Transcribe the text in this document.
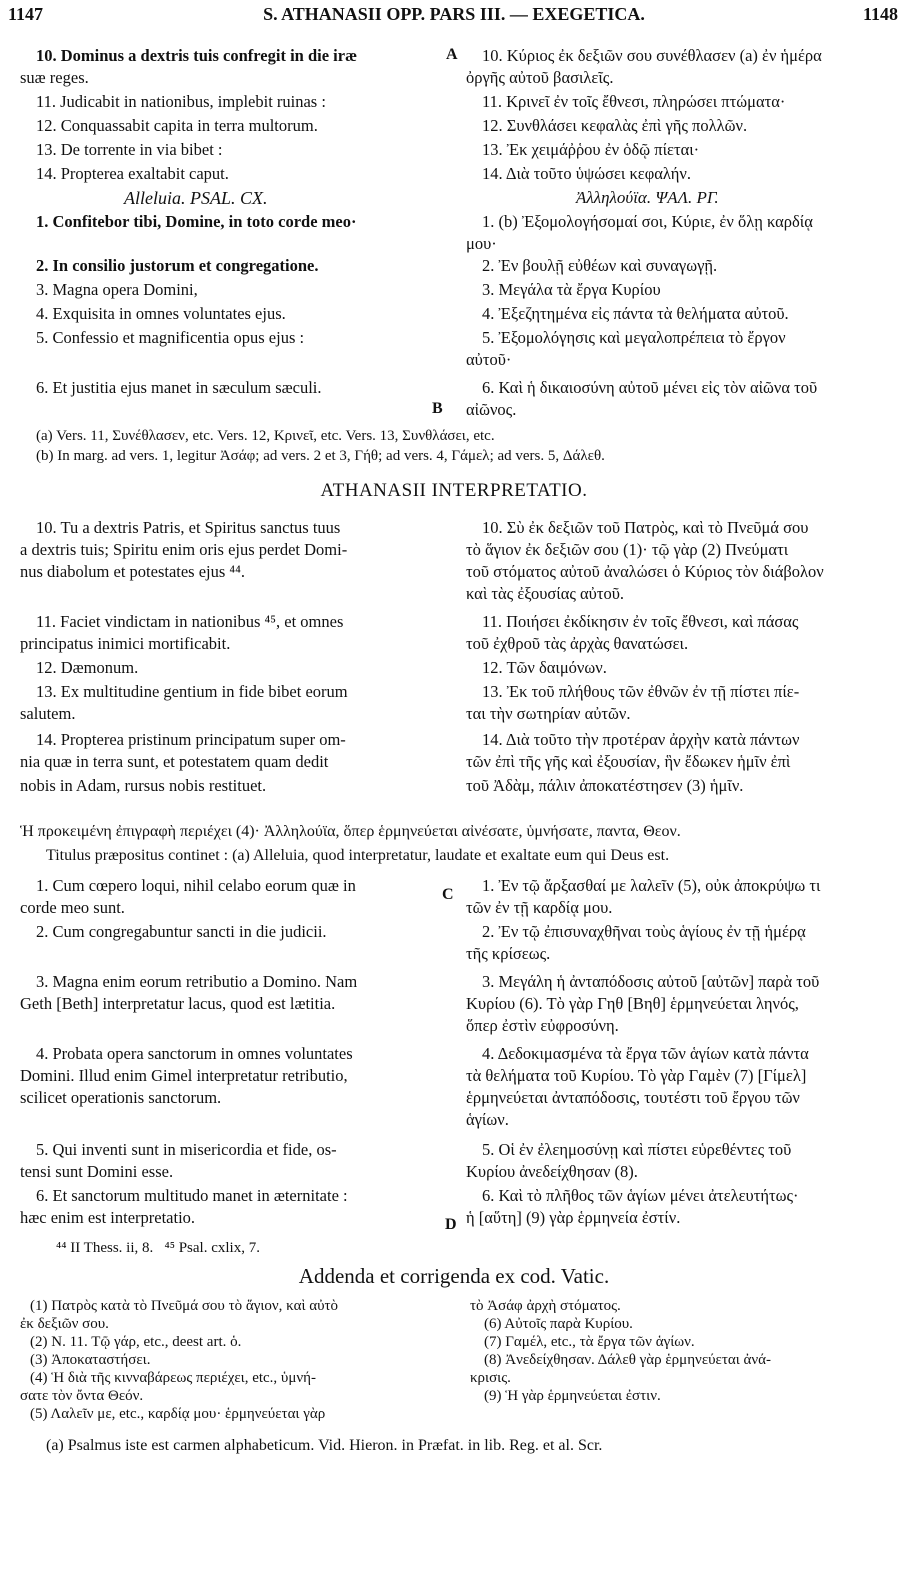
1147	S. ATHANASII OPP. PARS III. — EXEGETICA.	1148
10. Dominus a dextris tuis confregit in die iræ
suæ reges.
11. Judicabit in nationibus, implebit ruinas :
12. Conquassabit capita in terra multorum.
13. De torrente in via bibet :
14. Propterea exaltabit caput.
Alleluia. PSAL. CX.
1. Confitebor tibi, Domine, in toto corde meo·
2. In consilio justorum et congregatione.
3. Magna opera Domini,
4. Exquisita in omnes voluntates ejus.
5. Confessio et magnificentia opus ejus :
6. Et justitia ejus manet in sæculum sæculi.
A
B
C
D
10. Κύριος ἐκ δεξιῶν σου συνέθλασεν (a) ἐν ἡμέρα
ὀργῆς αὐτοῦ βασιλεῖς.
11. Κρινεῖ ἐν τοῖς ἔθνεσι, πληρώσει πτώματα·
12. Συνθλάσει κεφαλὰς ἐπὶ γῆς πολλῶν.
13. Ἐκ χειμάῤῥου ἐν ὁδῷ πίεται·
14. Διὰ τοῦτο ὑψώσει κεφαλήν.
Ἀλληλούϊα. ΨΑΛ. ΡΓ.
1. (b) Ἐξομολογήσομαί σοι, Κύριε, ἐν ὅλῃ καρδίᾳ
μου·
2. Ἐν βουλῇ εὐθέων καὶ συναγωγῇ.
3. Μεγάλα τὰ ἔργα Κυρίου
4. Ἐξεζητημένα εἰς πάντα τὰ θελήματα αὐτοῦ.
5. Ἐξομολόγησις καὶ μεγαλοπρέπεια τὸ ἔργον
αὐτοῦ·
6. Καὶ ἡ δικαιοσύνη αὐτοῦ μένει εἰς τὸν αἰῶνα τοῦ
αἰῶνος.
(a) Vers. 11, Συνέθλασεν, etc. Vers. 12, Κρινεῖ, etc. Vers. 13, Συνθλάσει, etc.
(b) In marg. ad vers. 1, legitur Ἀσάφ; ad vers. 2 et 3, Γήθ; ad vers. 4, Γάμελ; ad vers. 5, Δάλεθ.
ATHANASII INTERPRETATIO.
10. Tu a dextris Patris, et Spiritus sanctus tuus
a dextris tuis; Spiritu enim oris ejus perdet Domi-
nus diabolum et potestates ejus ⁴⁴.
11. Faciet vindictam in nationibus ⁴⁵, et omnes
principatus inimici mortificabit.
12. Dæmonum.
13. Ex multitudine gentium in fide bibet eorum
salutem.
14. Propterea pristinum principatum super om-
nia quæ in terra sunt, et potestatem quam dedit
nobis in Adam, rursus nobis restituet.
10. Σὺ ἐκ δεξιῶν τοῦ Πατρὸς, καὶ τὸ Πνεῦμά σου
τὸ ἅγιον ἐκ δεξιῶν σου (1)· τῷ γὰρ (2) Πνεύματι
τοῦ στόματος αὐτοῦ ἀναλώσει ὁ Κύριος τὸν διάβολον
καὶ τὰς ἐξουσίας αὐτοῦ.
11. Ποιήσει ἐκδίκησιν ἐν τοῖς ἔθνεσι, καὶ πάσας
τοῦ ἐχθροῦ τὰς ἀρχὰς θανατώσει.
12. Τῶν δαιμόνων.
13. Ἐκ τοῦ πλήθους τῶν ἐθνῶν ἐν τῇ πίστει πίε-
ται τὴν σωτηρίαν αὐτῶν.
14. Διὰ τοῦτο τὴν προτέραν ἀρχὴν κατὰ πάντων
τῶν ἐπὶ τῆς γῆς καὶ ἐξουσίαν, ἣν ἔδωκεν ἡμῖν ἐπὶ
τοῦ Ἀδὰμ, πάλιν ἀποκατέστησεν (3) ἡμῖν.
Ἡ προκειμένη ἐπιγραφὴ περιέχει (4)· Ἀλληλούϊα, ὅπερ ἑρμηνεύεται αἰνέσατε, ὑμνήσατε, παντα, Θεον.
Titulus præpositus continet : (a) Alleluia, quod interpretatur, laudate et exaltate eum qui Deus est.
1. Cum cœpero loqui, nihil celabo eorum quæ in
corde meo sunt.
2. Cum congregabuntur sancti in die judicii.
3. Magna enim eorum retributio a Domino. Nam
Geth [Beth] interpretatur lacus, quod est lætitia.
4. Probata opera sanctorum in omnes voluntates
Domini. Illud enim Gimel interpretatur retributio,
scilicet operationis sanctorum.
5. Qui inventi sunt in misericordia et fide, os-
tensi sunt Domini esse.
6. Et sanctorum multitudo manet in æternitate :
hæc enim est interpretatio.
1. Ἐν τῷ ἄρξασθαί με λαλεῖν (5), οὐκ ἀποκρύψω τι
τῶν ἐν τῇ καρδίᾳ μου.
2. Ἐν τῷ ἐπισυναχθῆναι τοὺς ἁγίους ἐν τῇ ἡμέρᾳ
τῆς κρίσεως.
3. Μεγάλη ἡ ἀνταπόδοσις αὐτοῦ [αὐτῶν] παρὰ τοῦ
Κυρίου (6). Τὸ γὰρ Γηθ [Βηθ] ἑρμηνεύεται ληνός,
ὅπερ ἐστὶν εὐφροσύνη.
4. Δεδοκιμασμένα τὰ ἔργα τῶν ἁγίων κατὰ πάντα
τὰ θελήματα τοῦ Κυρίου. Τὸ γὰρ Γαμὲν (7) [Γίμελ]
ἑρμηνεύεται ἀνταπόδοσις, τουτέστι τοῦ ἔργου τῶν
ἁγίων.
5. Οἱ ἐν ἐλεημοσύνῃ καὶ πίστει εὑρεθέντες τοῦ
Κυρίου ἀνεδείχθησαν (8).
6. Καὶ τὸ πλῆθος τῶν ἁγίων μένει ἀτελευτήτως·
ἡ [αὕτη] (9) γὰρ ἑρμηνεία ἐστίν.
⁴⁴ II Thess. ii, 8.   ⁴⁵ Psal. cxlix, 7.
Addenda et corrigenda ex cod. Vatic.
(1) Πατρὸς κατὰ τὸ Πνεῦμά σου τὸ ἅγιον, καὶ αὐτὸ
ἐκ δεξιῶν σου.
(2) Ν. 11. Τῷ γάρ, etc., deest art. ὁ.
(3) Ἀποκαταστήσει.
(4) Ἡ διὰ τῆς κινναβάρεως περιέχει, etc., ὑμνή-
σατε τὸν ὄντα Θεόν.
(5) Λαλεῖν με, etc., καρδίᾳ μου· ἑρμηνεύεται γὰρ
τὸ Ἀσάφ ἀρχὴ στόματος.
(6) Αὐτοῖς παρὰ Κυρίου.
(7) Γαμέλ, etc., τὰ ἔργα τῶν ἁγίων.
(8) Ἀνεδείχθησαν. Δάλεθ γὰρ ἑρμηνεύεται ἀνά-
κρισις.
(9) Ἡ γὰρ ἑρμηνεύεται ἐστιν.
(a) Psalmus iste est carmen alphabeticum. Vid. Hieron. in Præfat. in lib. Reg. et al. Scr.
